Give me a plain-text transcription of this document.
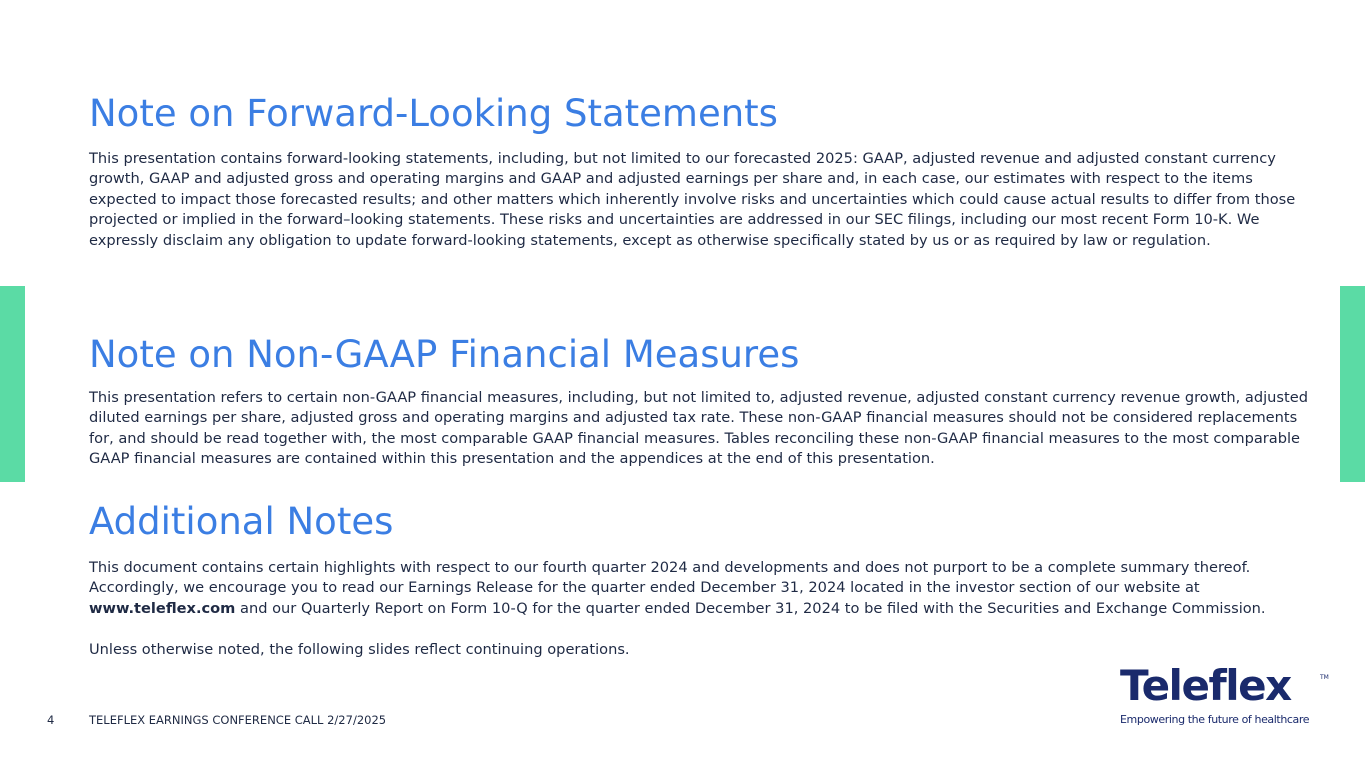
Note on Forward-Looking Statements

This presentation contains forward-looking statements, including, but not limited to our forecasted 2025: GAAP, adjusted revenue and adjusted constant currency growth, GAAP and adjusted gross and operating margins and GAAP and adjusted earnings per share and, in each case, our estimates with respect to the items expected to impact those forecasted results; and other matters which inherently involve risks and uncertainties which could cause actual results to differ from those projected or implied in the forward–looking statements. These risks and uncertainties are addressed in our SEC filings, including our most recent Form 10-K. We expressly disclaim any obligation to update forward-looking statements, except as otherwise specifically stated by us or as required by law or regulation.

Note on Non-GAAP Financial Measures

This presentation refers to certain non-GAAP financial measures, including, but not limited to, adjusted revenue, adjusted constant currency revenue growth, adjusted diluted earnings per share, adjusted gross and operating margins and adjusted tax rate. These non-GAAP financial measures should not be considered replacements for, and should be read together with, the most comparable GAAP financial measures. Tables reconciling these non-GAAP financial measures to the most comparable GAAP financial measures are contained within this presentation and the appendices at the end of this presentation.

Additional Notes

This document contains certain highlights with respect to our fourth quarter 2024 and developments and does not purport to be a complete summary thereof. Accordingly, we encourage you to read our Earnings Release for the quarter ended December 31, 2024 located in the investor section of our website at
www.teleflex.com and our Quarterly Report on Form 10-Q for the quarter ended December 31, 2024 to be filed with the Securities and Exchange Commission.

Unless otherwise noted, the following slides reflect continuing operations.

4	TELEFLEX EARNINGS CONFERENCE CALL 2/27/2025
Teleflex	TM
Empowering the future of healthcare
